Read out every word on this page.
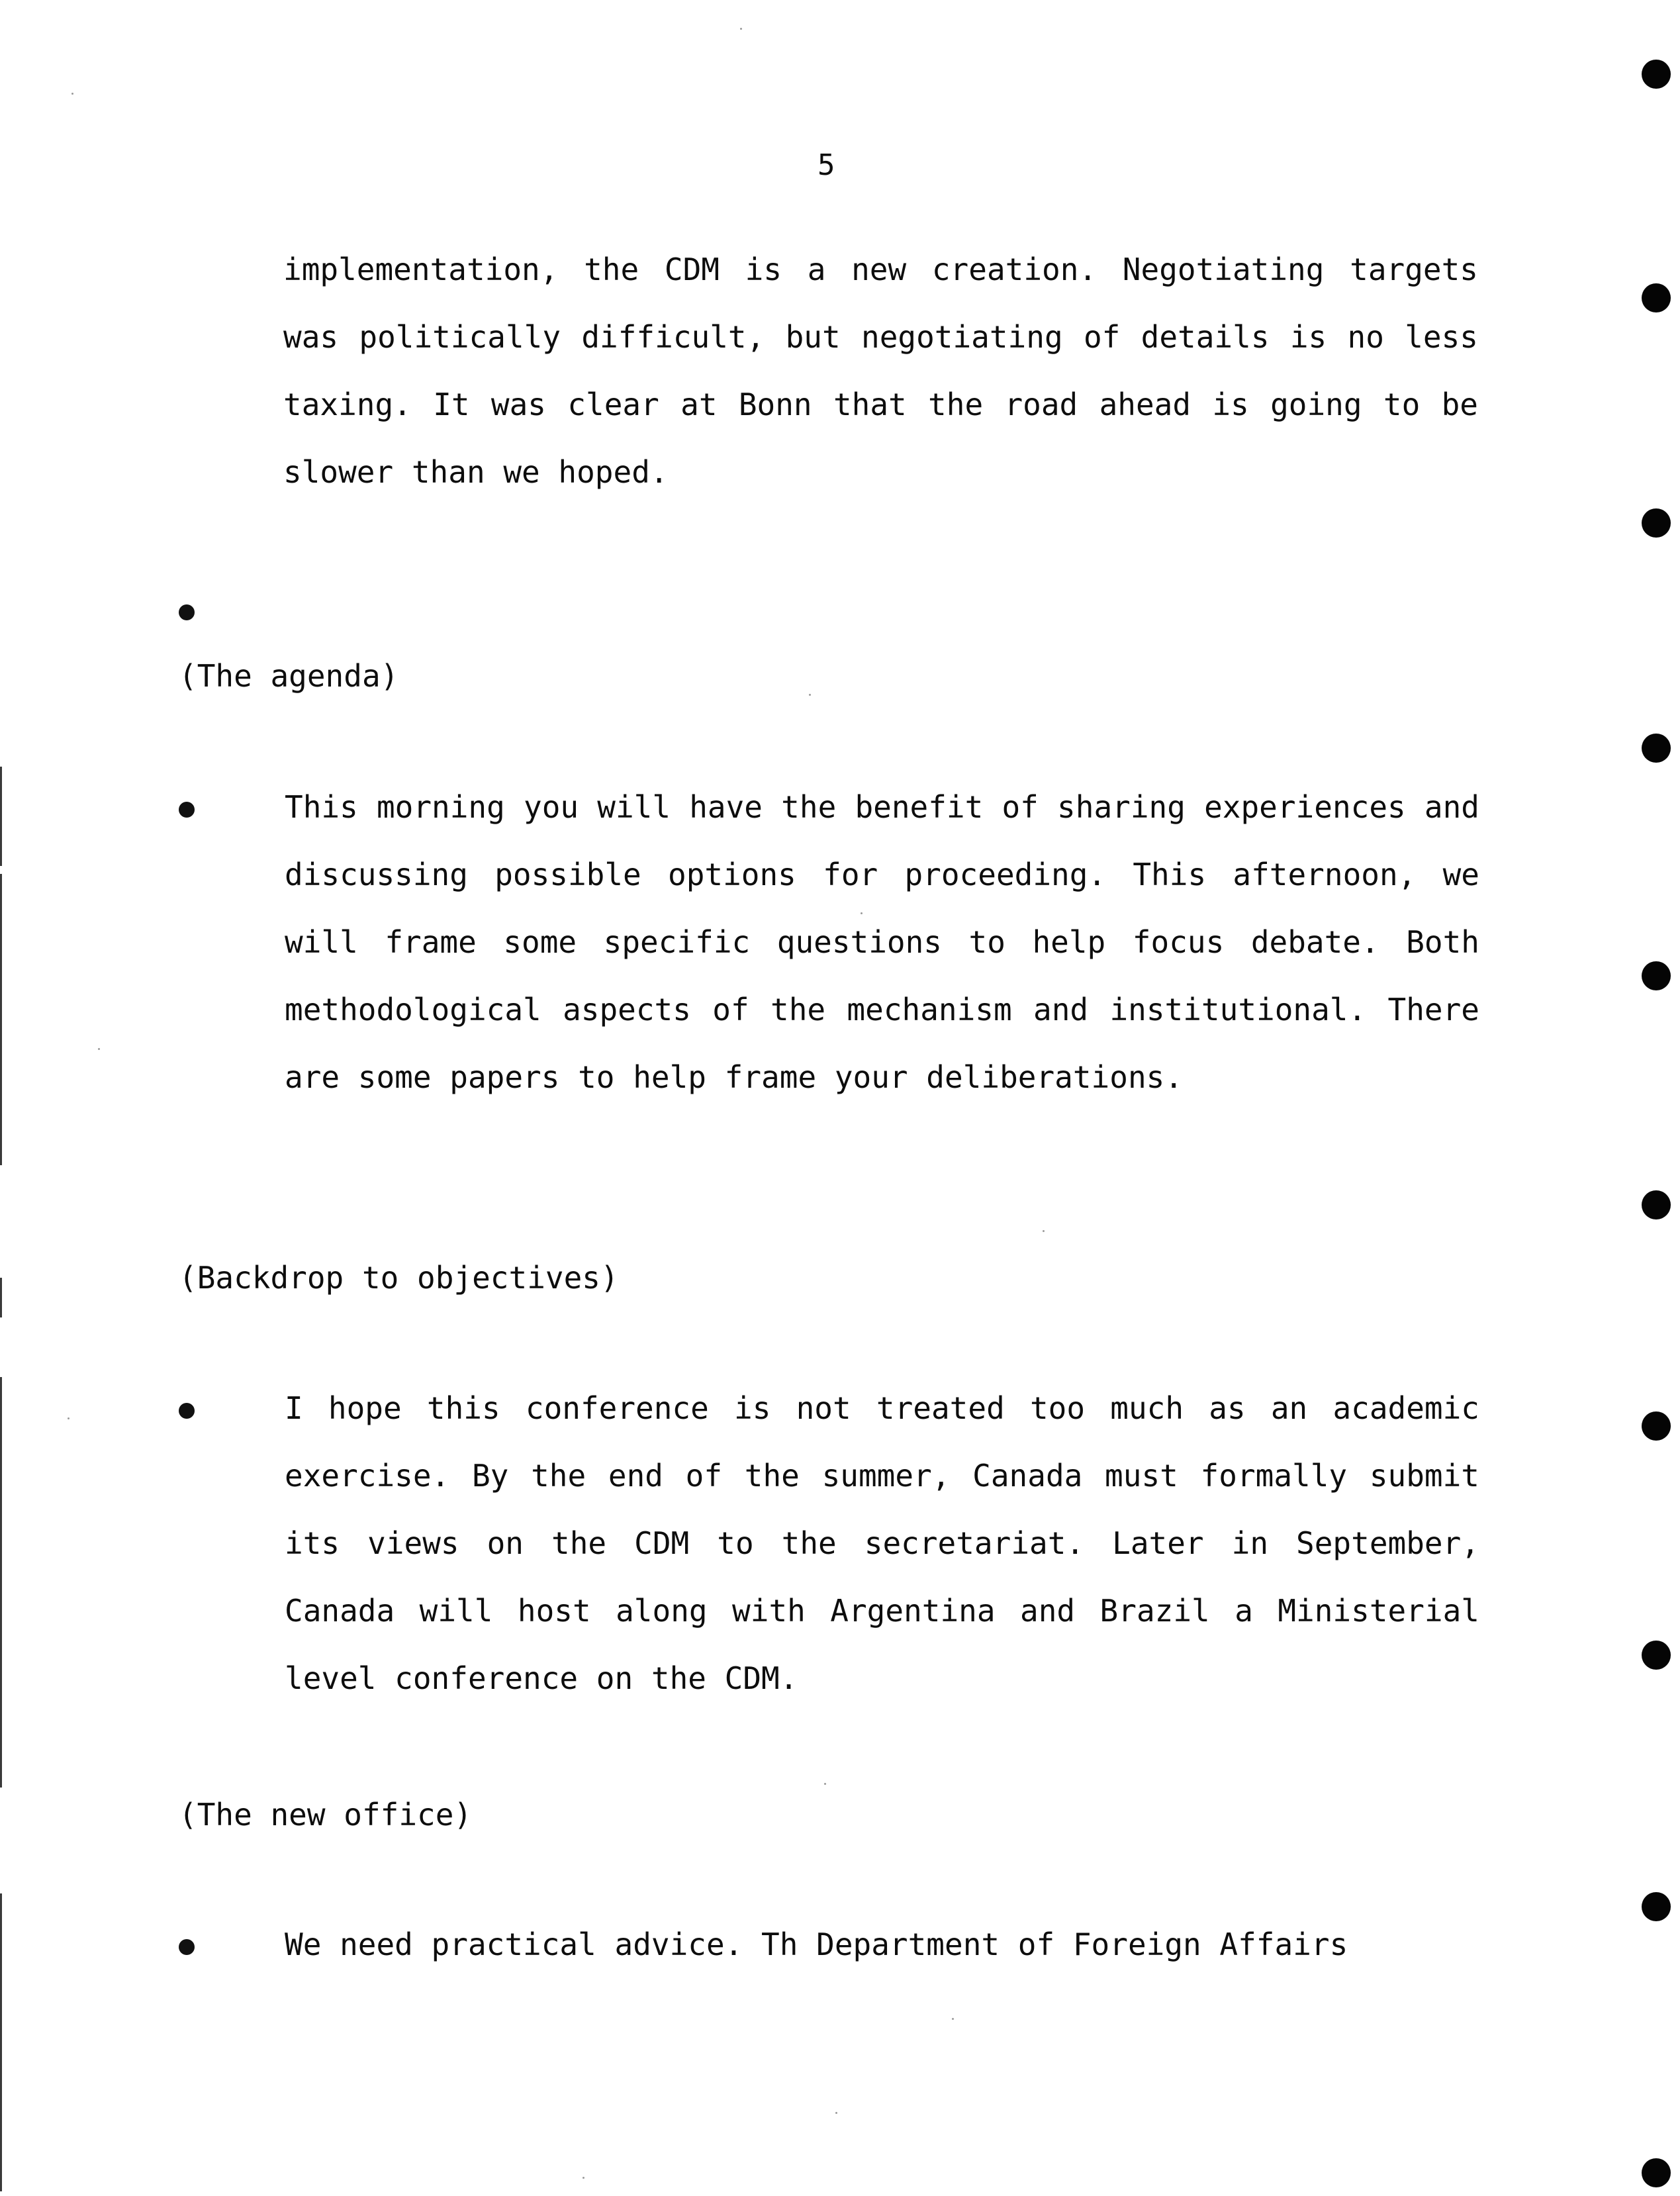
5
implementation, the CDM is a new creation. Negotiating targets was politically difficult, but negotiating of details is no less taxing. It was clear at Bonn that the road ahead is going to be slower than we hoped.
(The agenda)
This morning you will have the benefit of sharing experiences and discussing possible options for proceeding. This afternoon, we will frame some specific questions to help focus debate. Both methodological aspects of the mechanism and institutional. There are some papers to help frame your deliberations.
(Backdrop to objectives)
I hope this conference is not treated too much as an academic exercise. By the end of the summer, Canada must formally submit its views on the CDM to the secretariat. Later in September, Canada will host along with Argentina and Brazil a Ministerial level conference on the CDM.
(The new office)
We need practical advice. Th Department of Foreign Affairs
